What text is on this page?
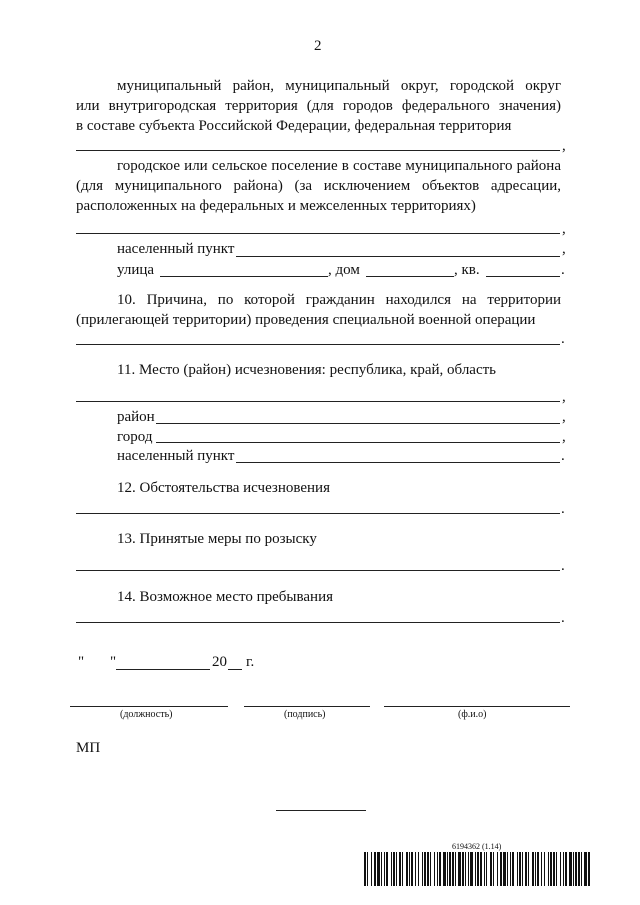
2
муниципальный район, муниципальный округ, городской округ
или внутригородская территория (для городов федерального значения)
в составе субъекта Российской Федерации, федеральная территория
,
городское или сельское поселение в составе муниципального района
(для муниципального района) (за исключением объектов адресации,
расположенных на федеральных и межселенных территориях)
,
населенный пункт	,
улица	, дом	, кв.	.
10. Причина, по которой гражданин находился на территории
(прилегающей территории) проведения специальной военной операции
.
11. Место (район) исчезновения: республика, край, область
,
район	,
город	,
населенный пункт	.
12. Обстоятельства исчезновения
.
13. Принятые меры по розыску
.
14. Возможное место пребывания
.
" "	20 г.
(должность)	(подпись)	(ф.и.о)
МП
6194362 (1.14)
